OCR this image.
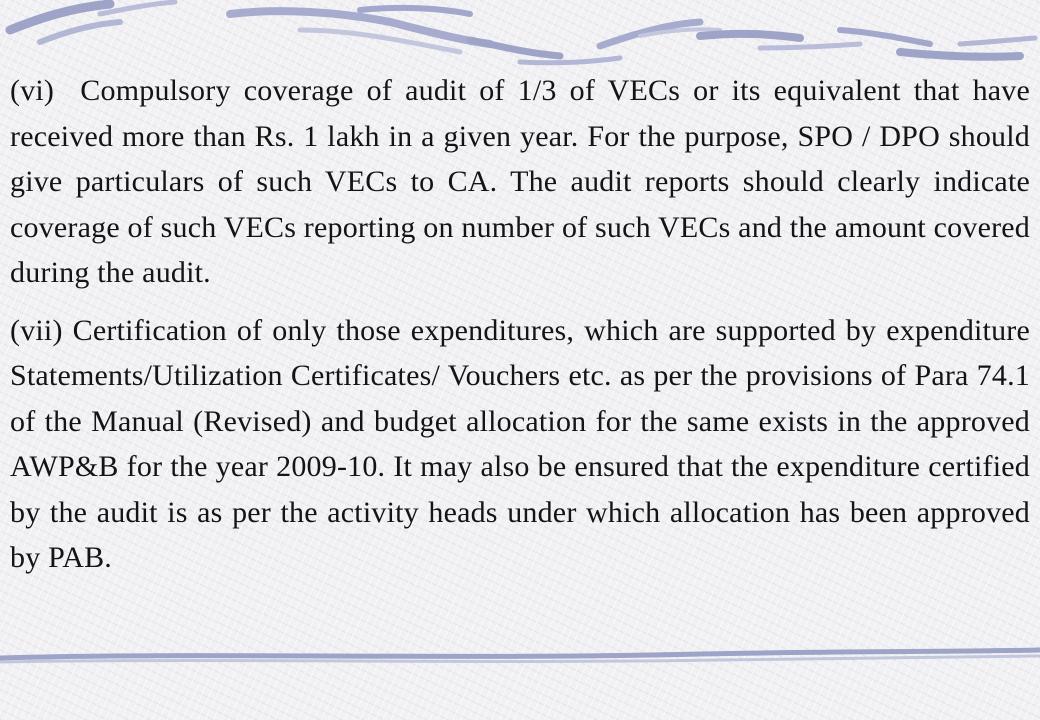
(vi) Compulsory coverage of audit of 1/3 of VECs or its equivalent that have received more than Rs. 1 lakh in a given year. For the purpose, SPO / DPO should give particulars of such VECs to CA. The audit reports should clearly indicate coverage of such VECs reporting on number of such VECs and the amount covered during the audit.

(vii) Certification of only those expenditures, which are supported by expenditure Statements/Utilization Certificates/ Vouchers etc. as per the provisions of Para 74.1 of the Manual (Revised) and budget allocation for the same exists in the approved AWP&B for the year 2009-10. It may also be ensured that the expenditure certified by the audit is as per the activity heads under which allocation has been approved by PAB.
